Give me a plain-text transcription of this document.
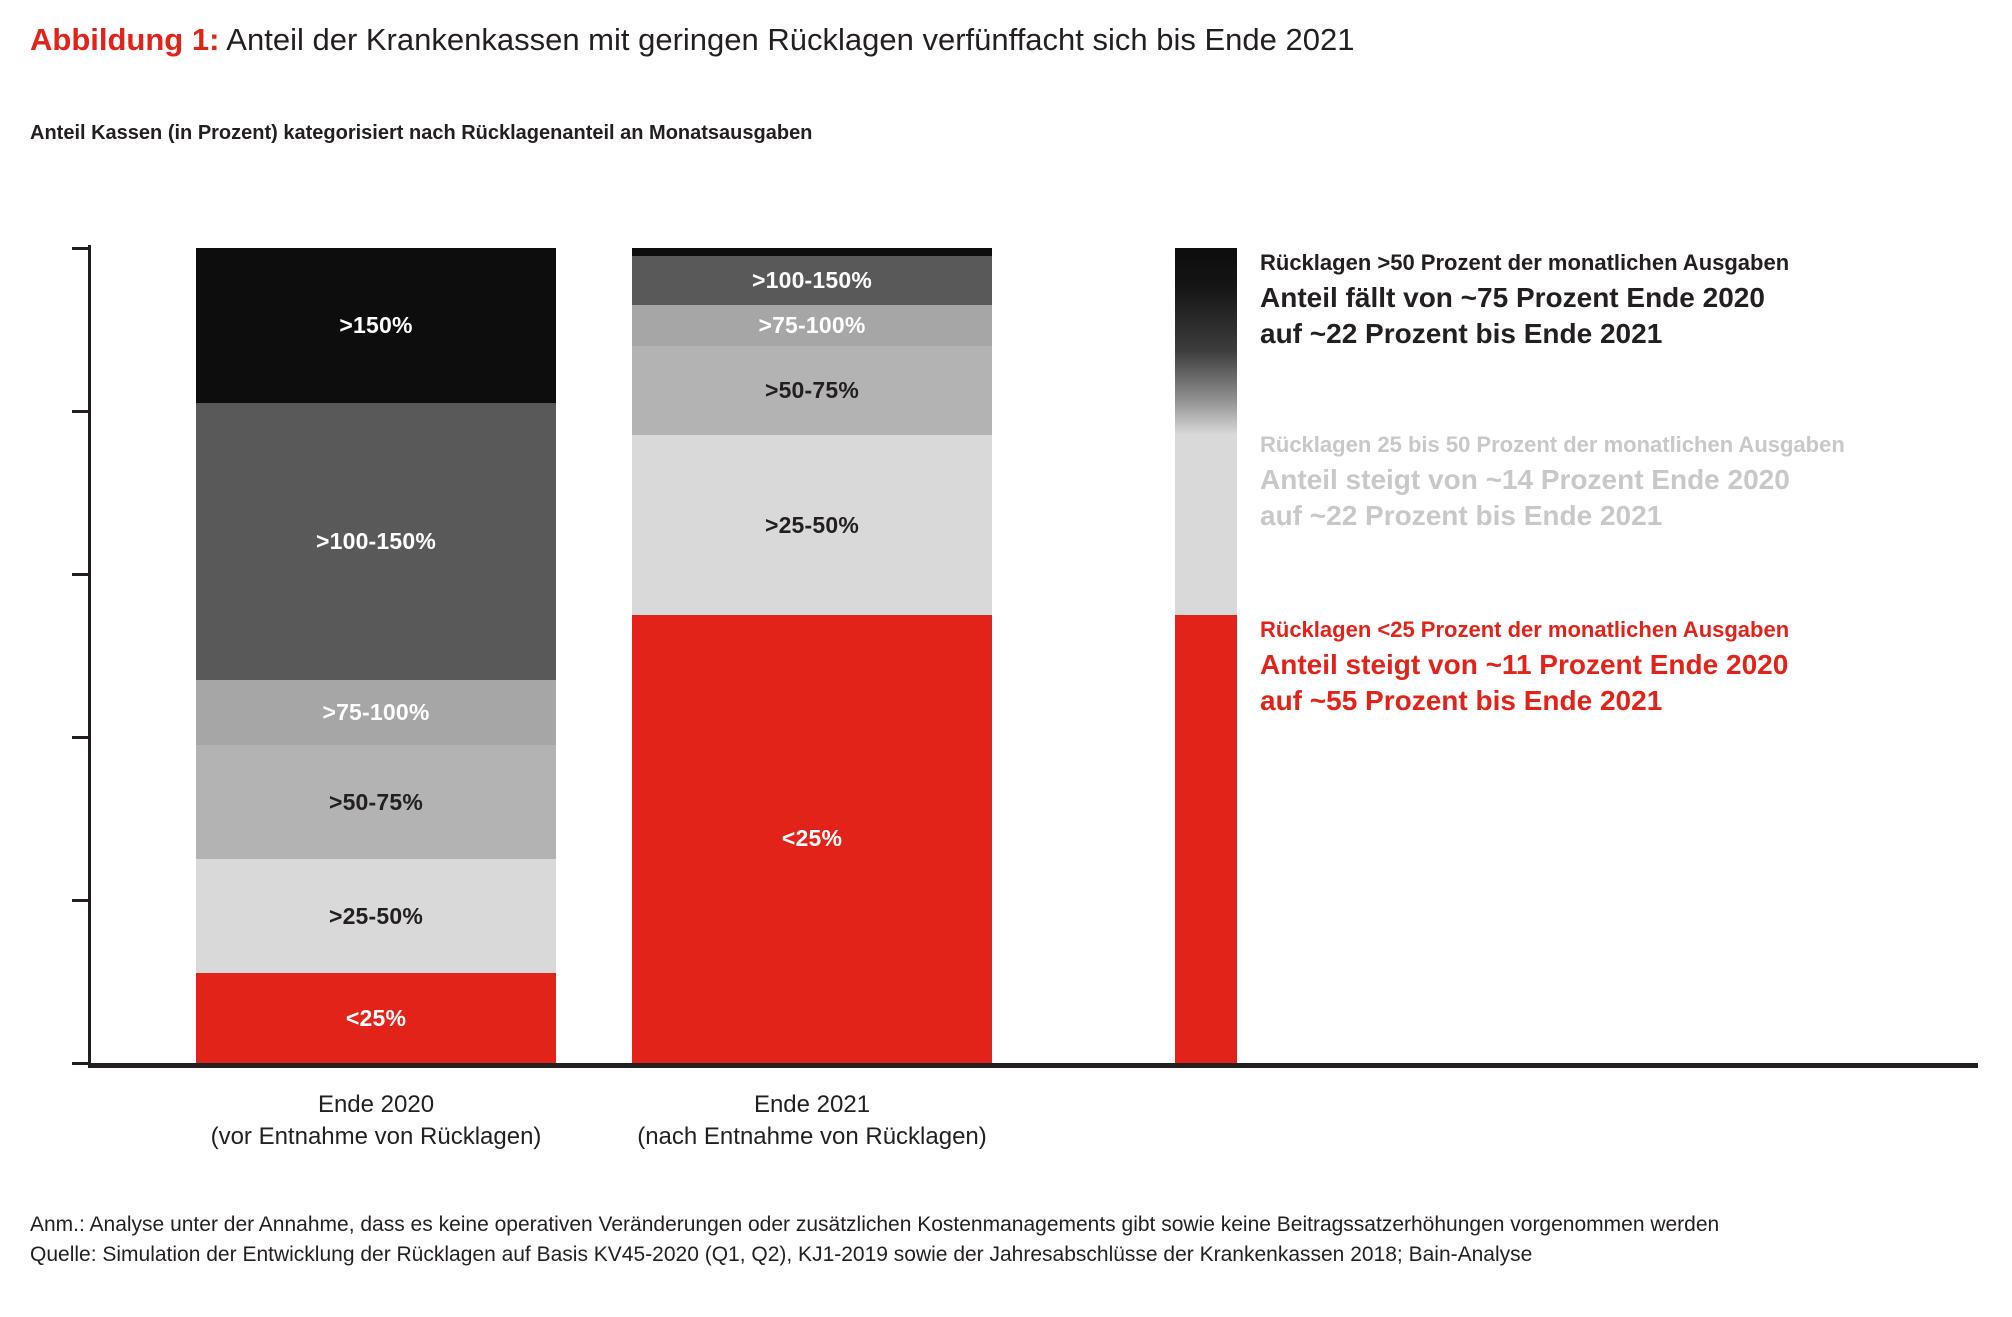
Abbildung 1: Anteil der Krankenkassen mit geringen Rücklagen verfünffacht sich bis Ende 2021
Anteil Kassen (in Prozent) kategorisiert nach Rücklagenanteil an Monatsausgaben
<25%
>25-50%
>50-75%
>75-100%
>100-150%
>150%
<25%
>25-50%
>50-75%
>75-100%
>100-150%
Ende 2020
(vor Entnahme von Rücklagen)
Ende 2021
(nach Entnahme von Rücklagen)
Rücklagen >50 Prozent der monatlichen Ausgaben
Anteil fällt von ~75 Prozent Ende 2020
auf ~22 Prozent bis Ende 2021
Rücklagen 25 bis 50 Prozent der monatlichen Ausgaben
Anteil steigt von ~14 Prozent Ende 2020
auf ~22 Prozent bis Ende 2021
Rücklagen <25 Prozent der monatlichen Ausgaben
Anteil steigt von ~11 Prozent Ende 2020
auf ~55 Prozent bis Ende 2021
Anm.: Analyse unter der Annahme, dass es keine operativen Veränderungen oder zusätzlichen Kostenmanagements gibt sowie keine Beitragssatzerhöhungen vorgenommen werden
Quelle: Simulation der Entwicklung der Rücklagen auf Basis KV45-2020 (Q1, Q2), KJ1-2019 sowie der Jahresabschlüsse der Krankenkassen 2018; Bain-Analyse
